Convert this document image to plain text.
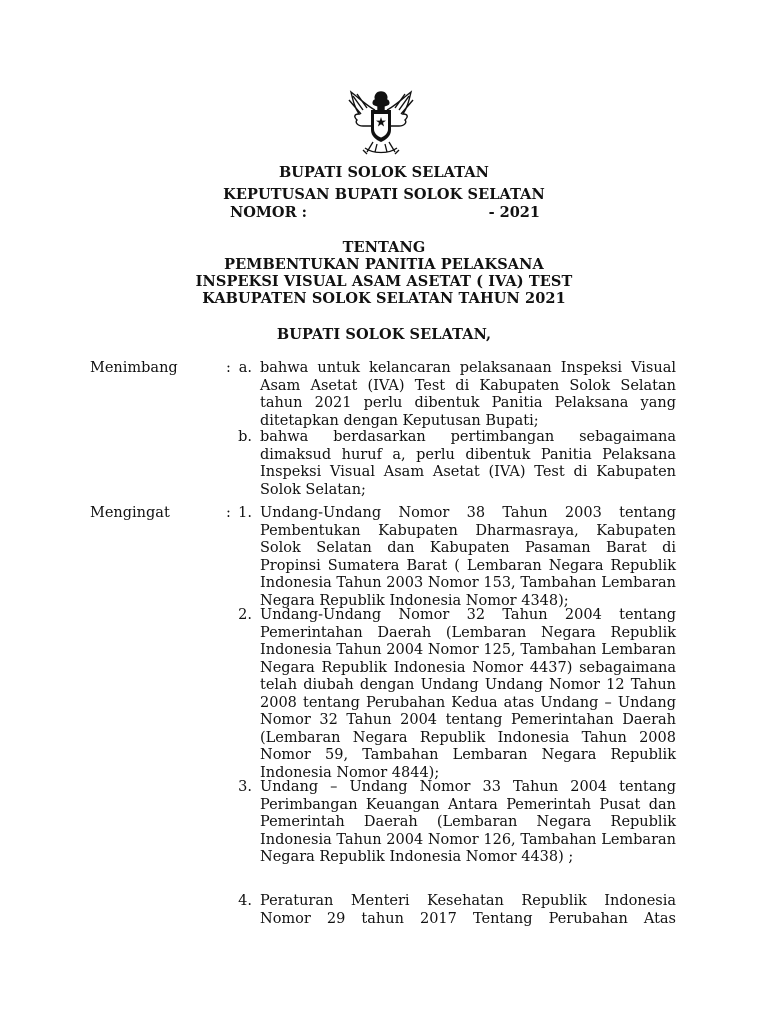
BUPATI SOLOK SELATAN
KEPUTUSAN BUPATI SOLOK SELATAN
NOMOR :	- 2021
TENTANG
PEMBENTUKAN PANITIA PELAKSANA
INSPEKSI VISUAL ASAM ASETAT ( IVA) TEST
KABUPATEN SOLOK SELATAN TAHUN 2021
BUPATI SOLOK SELATAN,
Menimbang	: a. bahwa untuk kelancaran pelaksanaan Inspeksi Visual Asam Asetat (IVA) Test di Kabupaten Solok Selatan tahun 2021 perlu dibentuk Panitia Pelaksana yang ditetapkan dengan Keputusan Bupati;
b. bahwa berdasarkan pertimbangan sebagaimana dimaksud huruf a, perlu dibentuk Panitia Pelaksana Inspeksi Visual Asam Asetat (IVA) Test di Kabupaten Solok Selatan;
Mengingat	: 1. Undang-Undang Nomor 38 Tahun 2003 tentang Pembentukan Kabupaten Dharmasraya, Kabupaten Solok Selatan dan Kabupaten Pasaman Barat di Propinsi Sumatera Barat ( Lembaran Negara Republik Indonesia Tahun 2003 Nomor 153, Tambahan Lembaran Negara Republik Indonesia Nomor 4348);
2. Undang-Undang Nomor 32 Tahun 2004 tentang Pemerintahan Daerah (Lembaran Negara Republik Indonesia Tahun 2004 Nomor 125, Tambahan Lembaran Negara Republik Indonesia Nomor 4437) sebagaimana telah diubah dengan Undang Undang Nomor 12 Tahun 2008 tentang Perubahan Kedua atas Undang – Undang Nomor 32 Tahun 2004 tentang Pemerintahan Daerah (Lembaran Negara Republik Indonesia Tahun 2008 Nomor 59, Tambahan Lembaran Negara Republik Indonesia Nomor 4844);
3. Undang – Undang Nomor 33 Tahun 2004 tentang Perimbangan Keuangan Antara Pemerintah Pusat dan Pemerintah Daerah (Lembaran Negara Republik Indonesia Tahun 2004 Nomor 126, Tambahan Lembaran Negara Republik Indonesia Nomor 4438) ;
4. Peraturan Menteri Kesehatan Republik Indonesia Nomor 29 tahun 2017 Tentang Perubahan Atas
